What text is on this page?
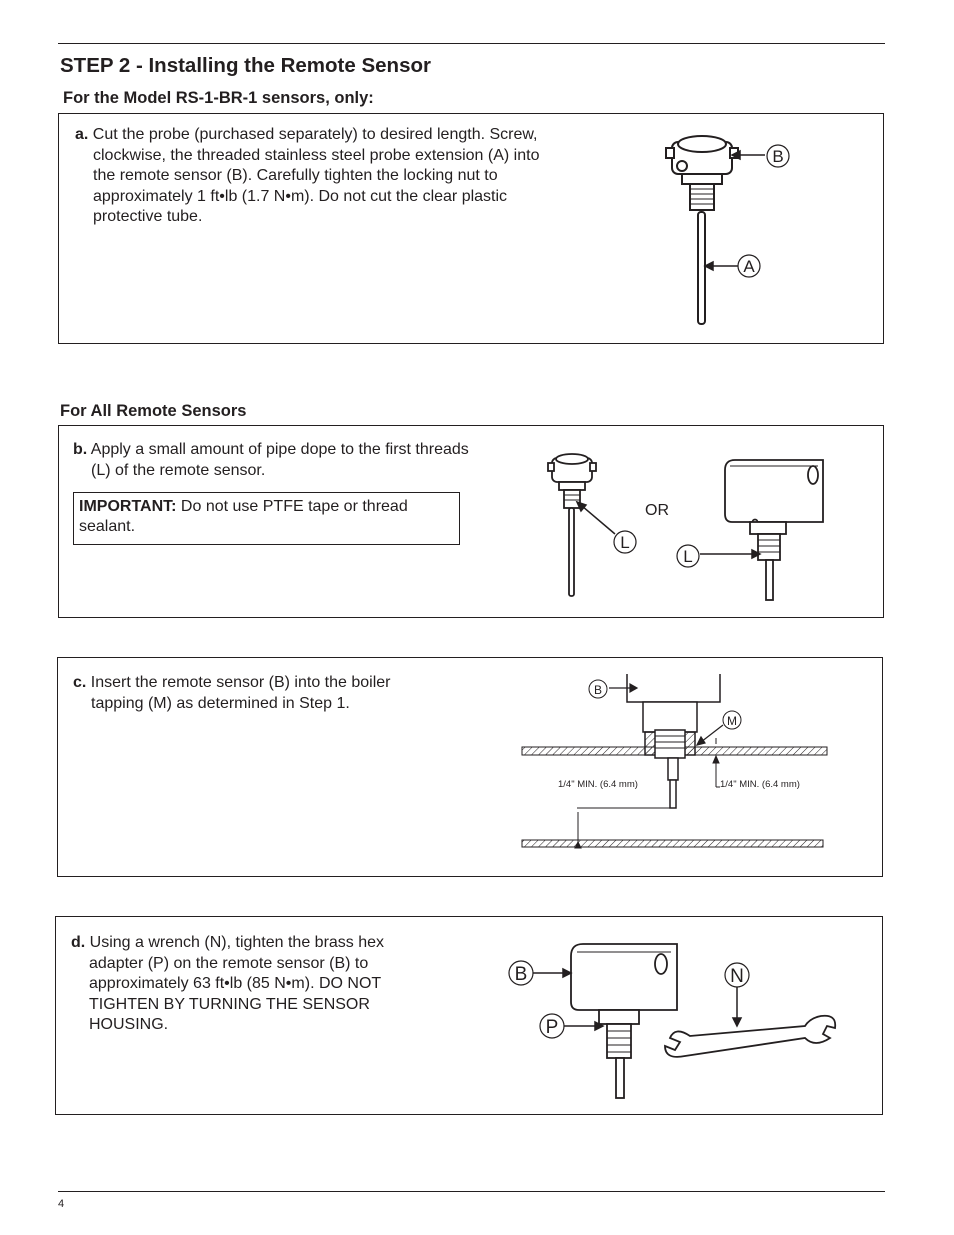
STEP 2 - Installing the Remote Sensor
For the Model RS-1-BR-1 sensors, only:

a. Cut the probe (purchased separately) to desired length. Screw, clockwise, the threaded stainless steel probe extension (A) into the remote sensor (B). Carefully tighten the locking nut to approximately 1 ft•lb (1.7 N•m). Do not cut the clear plastic protective tube.

B
A
For All Remote Sensors

b. Apply a small amount of pipe dope to the first threads (L) of the remote sensor.

IMPORTANT: Do not use PTFE tape or thread sealant.
OR
L
L

c. Insert the remote sensor (B) into the boiler tapping (M) as determined in Step 1.

B
M
1/4" MIN. (6.4 mm)	1/4" MIN. (6.4 mm)

d. Using a wrench (N), tighten the brass hex adapter (P) on the remote sensor (B) to approximately 63 ft•lb (85 N•m). DO NOT TIGHTEN BY TURNING THE SENSOR HOUSING.

B
P
N
4
